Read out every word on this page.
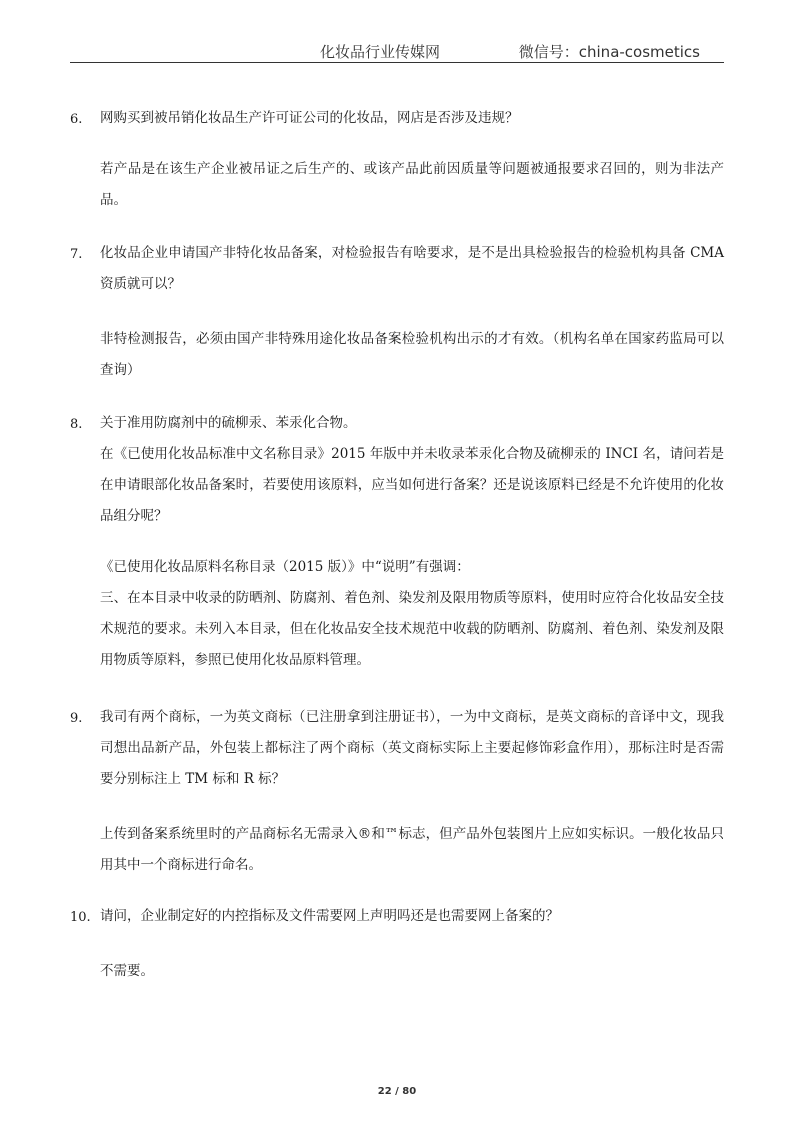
化妆品行业传媒网	微信号：china-cosmetics
6. 网购买到被吊销化妆品生产许可证公司的化妆品，网店是否涉及违规？
若产品是在该生产企业被吊证之后生产的、或该产品此前因质量等问题被通报要求召回的，则为非法产品。
7. 化妆品企业申请国产非特化妆品备案，对检验报告有啥要求，是不是出具检验报告的检验机构具备 CMA 资质就可以？
非特检测报告，必须由国产非特殊用途化妆品备案检验机构出示的才有效。（机构名单在国家药监局可以查询）
8. 关于准用防腐剂中的硫柳汞、苯汞化合物。
在《已使用化妆品标准中文名称目录》2015 年版中并未收录苯汞化合物及硫柳汞的 INCI 名，请问若是在申请眼部化妆品备案时，若要使用该原料，应当如何进行备案？还是说该原料已经是不允许使用的化妆品组分呢？
《已使用化妆品原料名称目录（2015 版）》中“说明”有强调：
三、在本目录中收录的防晒剂、防腐剂、着色剂、染发剂及限用物质等原料，使用时应符合化妆品安全技术规范的要求。未列入本目录，但在化妆品安全技术规范中收载的防晒剂、防腐剂、着色剂、染发剂及限用物质等原料，参照已使用化妆品原料管理。
9. 我司有两个商标，一为英文商标（已注册拿到注册证书），一为中文商标，是英文商标的音译中文，现我司想出品新产品，外包装上都标注了两个商标（英文商标实际上主要起修饰彩盒作用），那标注时是否需要分别标注上 TM 标和 R 标？
上传到备案系统里时的产品商标名无需录入®和™标志，但产品外包装图片上应如实标识。一般化妆品只用其中一个商标进行命名。
10. 请问，企业制定好的内控指标及文件需要网上声明吗还是也需要网上备案的？
不需要。
22 / 80
